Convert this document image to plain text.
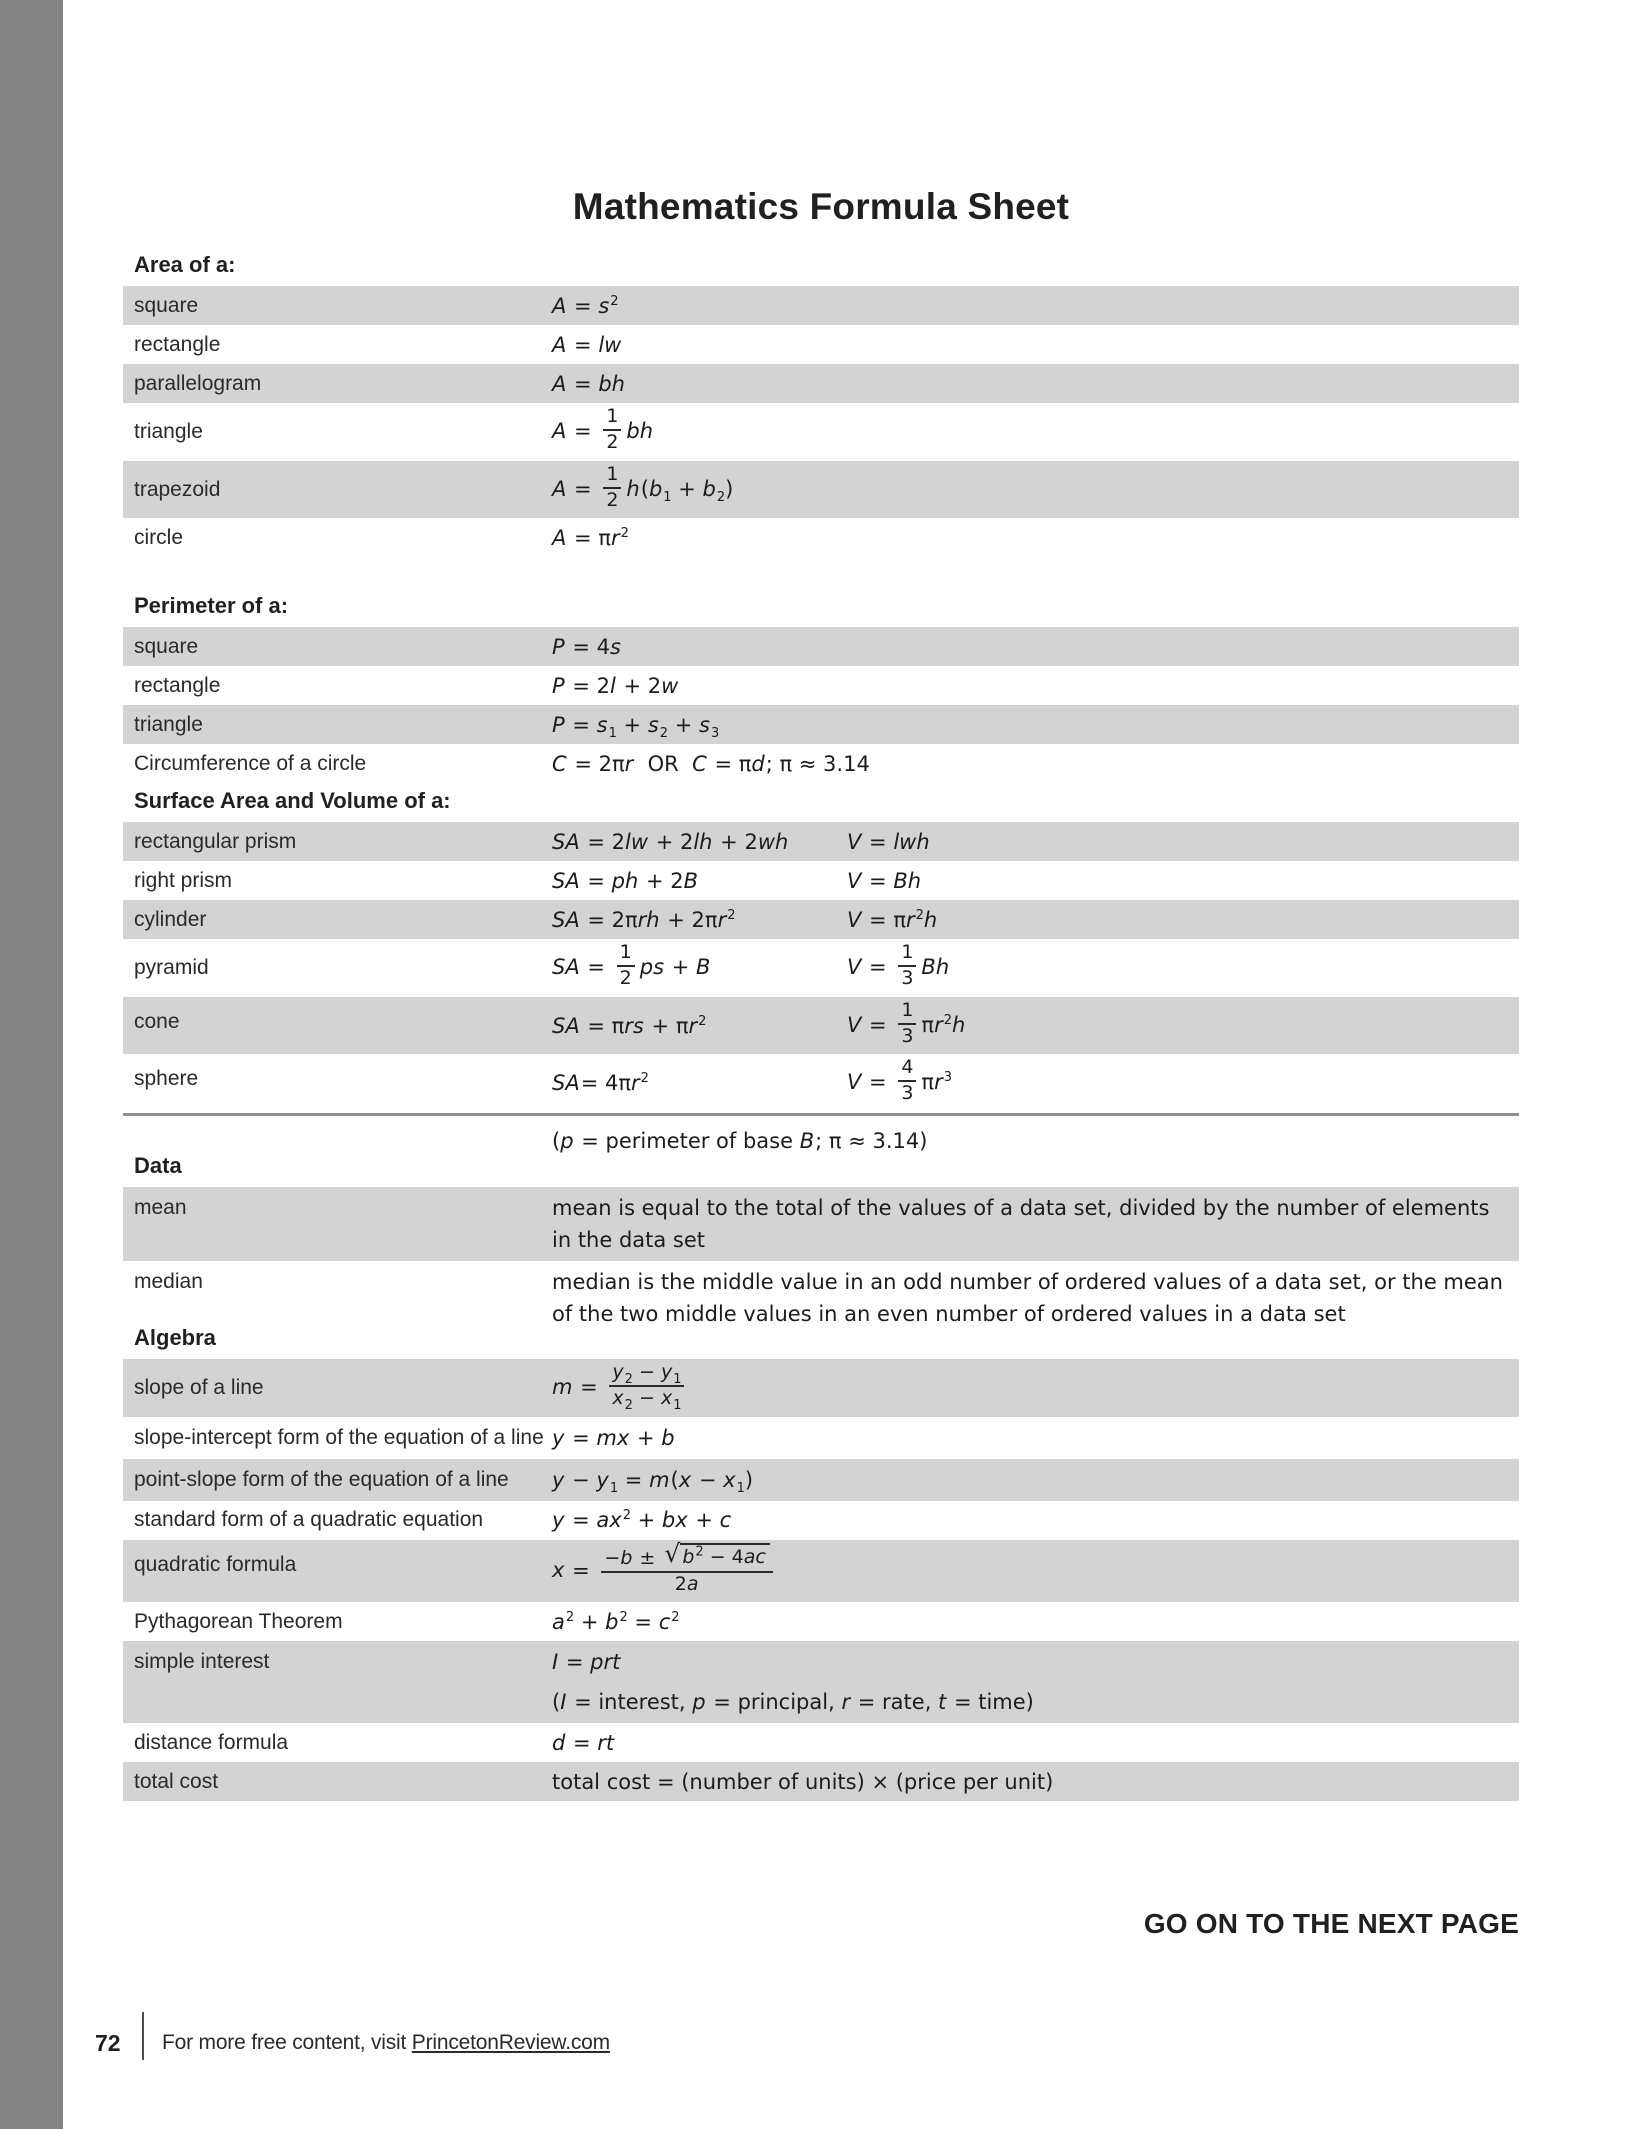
Mathematics Formula Sheet
Area of a:
square	$A = s^2$
rectangle	A = lw
parallelogram	A = bh
triangle	$A = \frac{1}{2}$ bh
trapezoid	$A = \frac{1}{2} h(b_1 + b_2)$
circle	$A = \pi r^2$
Perimeter of a:
square	P = 4s
rectangle	P = 2l + 2w
triangle	$P = s_1 + s_2 + s_3$
Circumference of a circle	C = 2πr  OR  C = πd; π ≈ 3.14
Surface Area and Volume of a:
rectangular prism	SA = 2lw + 2lh + 2wh	V = lwh
right prism	SA = ph + 2B	V = Bh
cylinder	SA = $2\pi rh + 2\pi r^2$	$V = \pi r^2h$
pyramid	SA = $\frac{1}{2}$ ps + B	$V = \frac{1}{3}$ Bh
cone	SA = $\pi rs + \pi r^2$	$V = \frac{1}{3} \pi r^2h$
sphere	$SA= 4\pi r^2$	$V = \frac{4}{3} \pi r^3$
(p = perimeter of base B; π ≈ 3.14)
Data
mean	mean is equal to the total of the values of a data set, divided by the number of elements in the data set
median	median is the middle value in an odd number of ordered values of a data set, or the mean of the two middle values in an even number of ordered values in a data set
Algebra
slope of a line	$m = \frac{y_2 - y_1}{x_2 - x_1}$
slope-intercept form of the equation of a line y = mx + b
point-slope form of the equation of a line	$y - y_1 = m(x - x_1)$
standard form of a quadratic equation	$y = ax^2$ + bx + c
quadratic formula	$x = \frac{-b \pm √ b^2 - 4ac}{2a}$
Pythagorean Theorem	$a^2 + b^2 = c^2$
simple interest	I = prt
(I = interest, p = principal, r = rate, t = time)
distance formula	d = rt
total cost	total cost = (number of units) × (price per unit)
GO ON TO THE NEXT PAGE
72 For more free content, visit PrincetonReview.com
